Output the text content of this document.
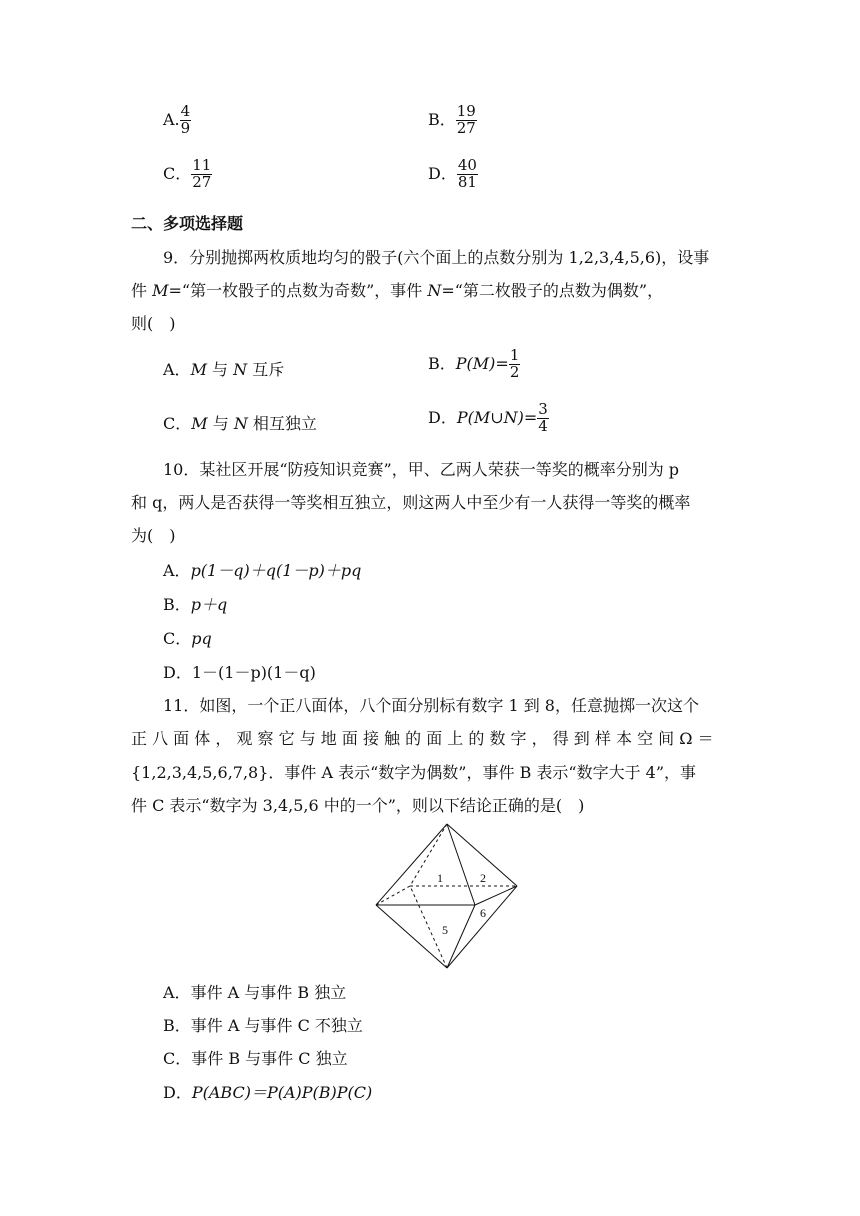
A. $\frac{4}{9}$	B． $\frac{19}{27}$
C． $\frac{11}{27}$	D． $\frac{40}{81}$
二、多项选择题
9．分别抛掷两枚质地均匀的骰子(六个面上的点数分别为 1,2,3,4,5,6)，设事
件 M=“第一枚骰子的点数为奇数”，事件 N=“第二枚骰子的点数为偶数”，
则(　)
A．M 与 N 互斥	B．$P(M)= \frac{1}{2}$
C．M 与 N 相互独立	D．P(M∪N)= $\frac{3}{4}$
10．某社区开展“防疫知识竞赛”，甲、乙两人荣获一等奖的概率分别为 p
和 q，两人是否获得一等奖相互独立，则这两人中至少有一人获得一等奖的概率
为(　)
A．p(1－q)＋q(1－p)＋pq
B．p＋q
C．pq
D．1－(1－p)(1－q)
11．如图，一个正八面体，八个面分别标有数字 1 到 8，任意抛掷一次这个
正 八 面 体 ， 观 察 它 与 地 面 接 触 的 面 上 的 数 字 ， 得 到 样 本 空 间 Ω ＝
{1,2,3,4,5,6,7,8}．事件 A 表示“数字为偶数”，事件 B 表示“数字大于 4”，事
件 C 表示“数字为 3,4,5,6 中的一个”，则以下结论正确的是(　)
1	2
5
6
A．事件 A 与事件 B 独立
B．事件 A 与事件 C 不独立
C．事件 B 与事件 C 独立
D．P(ABC)＝P(A)P(B)P(C)
